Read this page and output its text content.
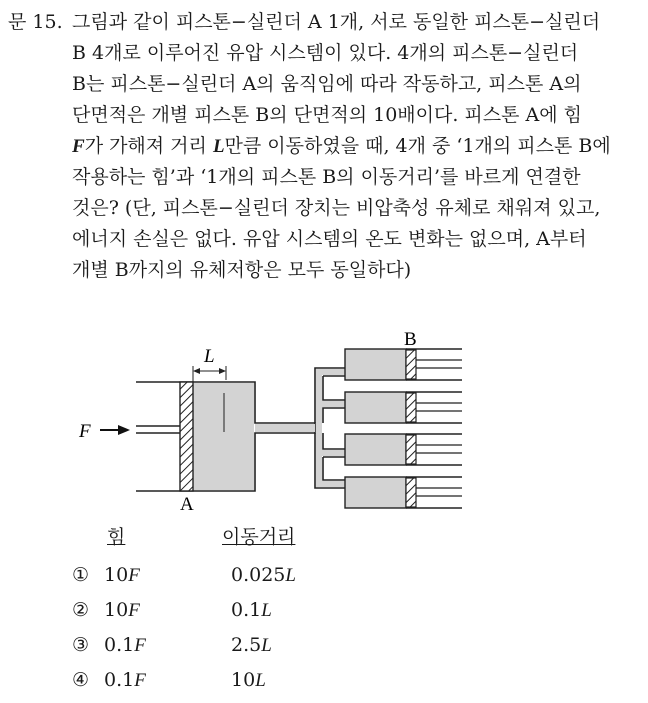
문 15. 그림과 같이 피스톤−실린더 A 1개, 서로 동일한 피스톤−실린더
B 4개로 이루어진 유압 시스템이 있다. 4개의 피스톤−실린더
B는 피스톤−실린더 A의 움직임에 따라 작동하고, 피스톤 A의
단면적은 개별 피스톤 B의 단면적의 10배이다. 피스톤 A에 힘
F가 가해져 거리 L만큼 이동하였을 때, 4개 중 ‘1개의 피스톤 B에
작용하는 힘’과 ‘1개의 피스톤 B의 이동거리’를 바르게 연결한
것은? (단, 피스톤−실린더 장치는 비압축성 유체로 채워져 있고,
에너지 손실은 없다. 유압 시스템의 온도 변화는 없으며, A부터
개별 B까지의 유체저항은 모두 동일하다)
F
L
A
B
힘	이동거리
① 10F	0.025L
② 10F	0.1L
③ 0.1F	2.5L
④ 0.1F	10L
